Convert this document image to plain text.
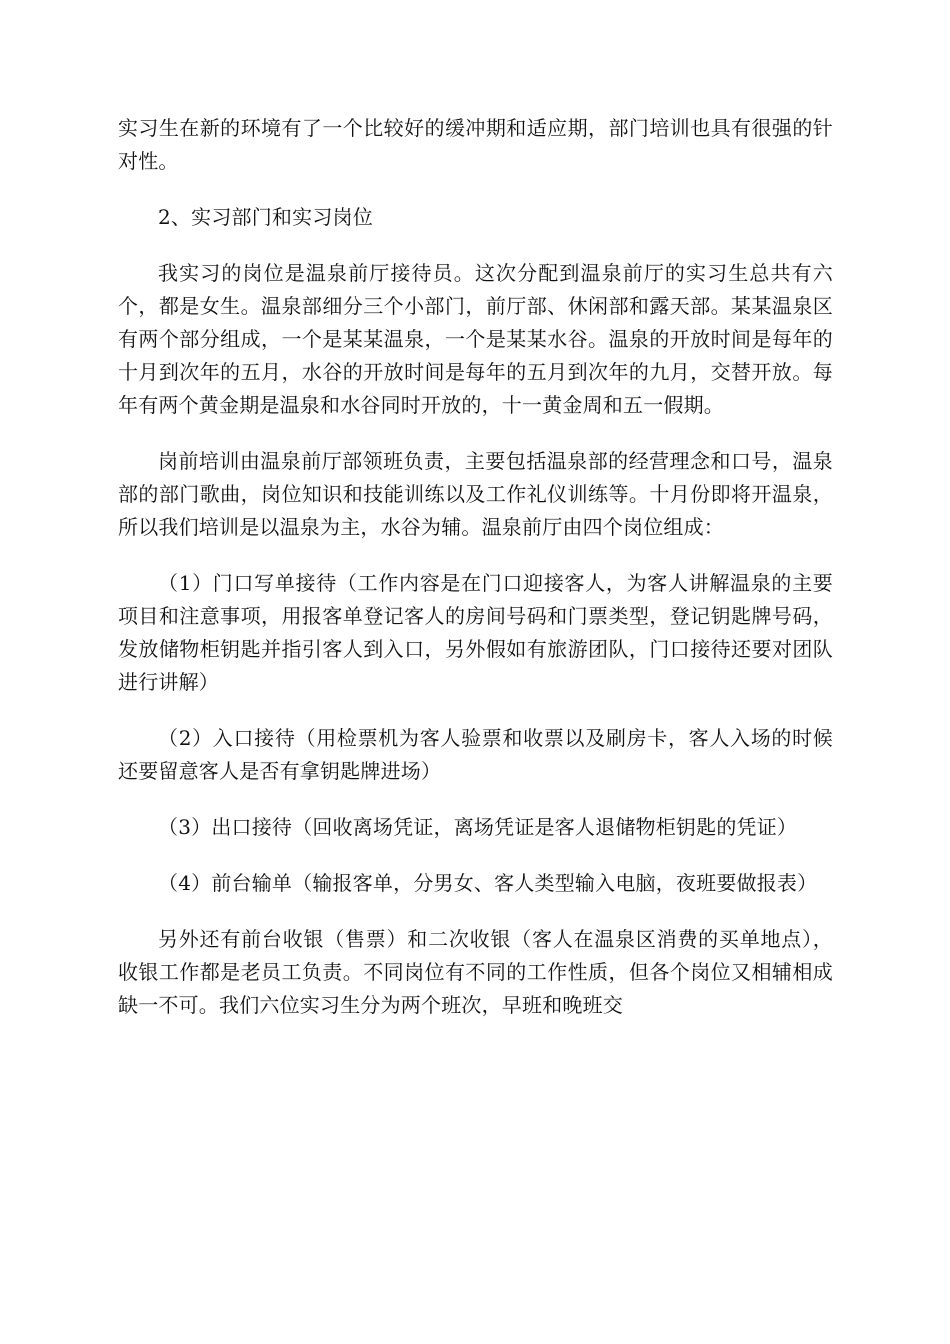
实习生在新的环境有了一个比较好的缓冲期和适应期，部门培训也具有很强的针对性。

2、实习部门和实习岗位

我实习的岗位是温泉前厅接待员。这次分配到温泉前厅的实习生总共有六个，都是女生。温泉部细分三个小部门，前厅部、休闲部和露天部。某某温泉区有两个部分组成，一个是某某温泉，一个是某某水谷。温泉的开放时间是每年的十月到次年的五月，水谷的开放时间是每年的五月到次年的九月，交替开放。每年有两个黄金期是温泉和水谷同时开放的，十一黄金周和五一假期。

岗前培训由温泉前厅部领班负责，主要包括温泉部的经营理念和口号，温泉部的部门歌曲，岗位知识和技能训练以及工作礼仪训练等。十月份即将开温泉，所以我们培训是以温泉为主，水谷为辅。温泉前厅由四个岗位组成：

（1）门口写单接待（工作内容是在门口迎接客人，为客人讲解温泉的主要项目和注意事项，用报客单登记客人的房间号码和门票类型，登记钥匙牌号码，发放储物柜钥匙并指引客人到入口，另外假如有旅游团队，门口接待还要对团队进行讲解）

（2）入口接待（用检票机为客人验票和收票以及刷房卡，客人入场的时候还要留意客人是否有拿钥匙牌进场）

（3）出口接待（回收离场凭证，离场凭证是客人退储物柜钥匙的凭证）

（4）前台输单（输报客单，分男女、客人类型输入电脑，夜班要做报表）

另外还有前台收银（售票）和二次收银（客人在温泉区消费的买单地点），收银工作都是老员工负责。不同岗位有不同的工作性质，但各个岗位又相辅相成缺一不可。我们六位实习生分为两个班次，早班和晚班交
